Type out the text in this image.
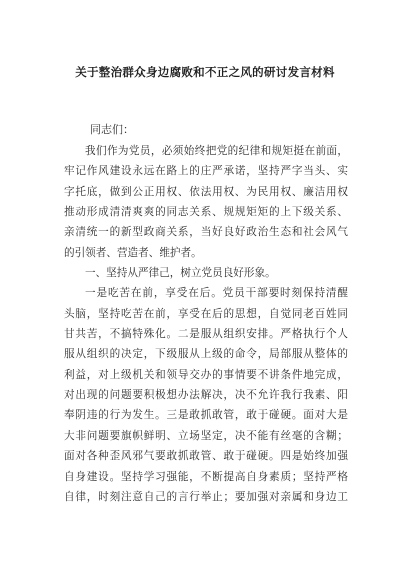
关于整治群众身边腐败和不正之风的研讨发言材料
同志们：
我们作为党员，必须始终把党的纪律和规矩挺在前面，
牢记作风建设永远在路上的庄严承诺，坚持严字当头、实
字托底，做到公正用权、依法用权、为民用权、廉洁用权
推动形成清清爽爽的同志关系、规规矩矩的上下级关系、
亲清统一的新型政商关系，当好良好政治生态和社会风气
的引领者、营造者、维护者。
一、坚持从严律己，树立党员良好形象。
一是吃苦在前，享受在后。党员干部要时刻保持清醒
头脑，坚持吃苦在前，享受在后的思想，自觉同老百姓同
甘共苦，不搞特殊化。二是服从组织安排。严格执行个人
服从组织的决定，下级服从上级的命令，局部服从整体的
利益，对上级机关和领导交办的事情要不讲条件地完成，
对出现的问题要积极想办法解决，决不允许我行我素、阳
奉阴违的行为发生。三是敢抓敢管，敢于碰硬。面对大是
大非问题要旗帜鲜明、立场坚定，决不能有丝毫的含糊；
面对各种歪风邪气要敢抓敢管、敢于碰硬。四是始终加强
自身建设。坚持学习强能，不断提高自身素质；坚持严格
自律，时刻注意自己的言行举止；要加强对亲属和身边工
